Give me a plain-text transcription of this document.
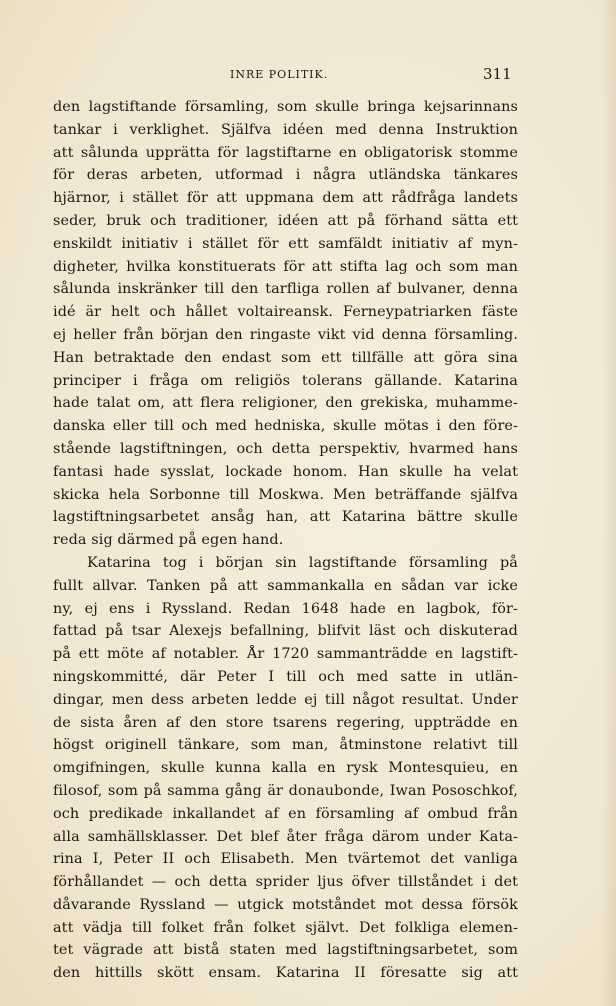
INRE POLITIK.	311
den lagstiftande församling, som skulle bringa kejsarinnans
tankar i verklighet. Själfva idéen med denna Instruktion
att sålunda upprätta för lagstiftarne en obligatorisk stomme
för deras arbeten, utformad i några utländska tänkares
hjärnor, i stället för att uppmana dem att rådfråga landets
seder, bruk och traditioner, idéen att på förhand sätta ett
enskildt initiativ i stället för ett samfäldt initiativ af myn-
digheter, hvilka konstituerats för att stifta lag och som man
sålunda inskränker till den tarfliga rollen af bulvaner, denna
idé är helt och hållet voltaireansk. Ferneypatriarken fäste
ej heller från början den ringaste vikt vid denna församling.
Han betraktade den endast som ett tillfälle att göra sina
principer i fråga om religiös tolerans gällande. Katarina
hade talat om, att flera religioner, den grekiska, muhamme-
danska eller till och med hedniska, skulle mötas i den före-
stående lagstiftningen, och detta perspektiv, hvarmed hans
fantasi hade sysslat, lockade honom. Han skulle ha velat
skicka hela Sorbonne till Moskwa. Men beträffande själfva
lagstiftningsarbetet ansåg han, att Katarina bättre skulle
reda sig därmed på egen hand.
Katarina tog i början sin lagstiftande församling på
fullt allvar. Tanken på att sammankalla en sådan var icke
ny, ej ens i Ryssland. Redan 1648 hade en lagbok, för-
fattad på tsar Alexejs befallning, blifvit läst och diskuterad
på ett möte af notabler. År 1720 sammanträdde en lagstift-
ningskommitté, där Peter I till och med satte in utlän-
dingar, men dess arbeten ledde ej till något resultat. Under
de sista åren af den store tsarens regering, uppträdde en
högst originell tänkare, som man, åtminstone relativt till
omgifningen, skulle kunna kalla en rysk Montesquieu, en
filosof, som på samma gång är donaubonde, Iwan Pososchkof,
och predikade inkallandet af en församling af ombud från
alla samhällsklasser. Det blef åter fråga därom under Kata-
rina I, Peter II och Elisabeth. Men tvärtemot det vanliga
förhållandet — och detta sprider ljus öfver tillståndet i det
dåvarande Ryssland — utgick motståndet mot dessa försök
att vädja till folket från folket självt. Det folkliga elemen-
tet vägrade att bistå staten med lagstiftningsarbetet, som
den hittills skött ensam. Katarina II föresatte sig att
